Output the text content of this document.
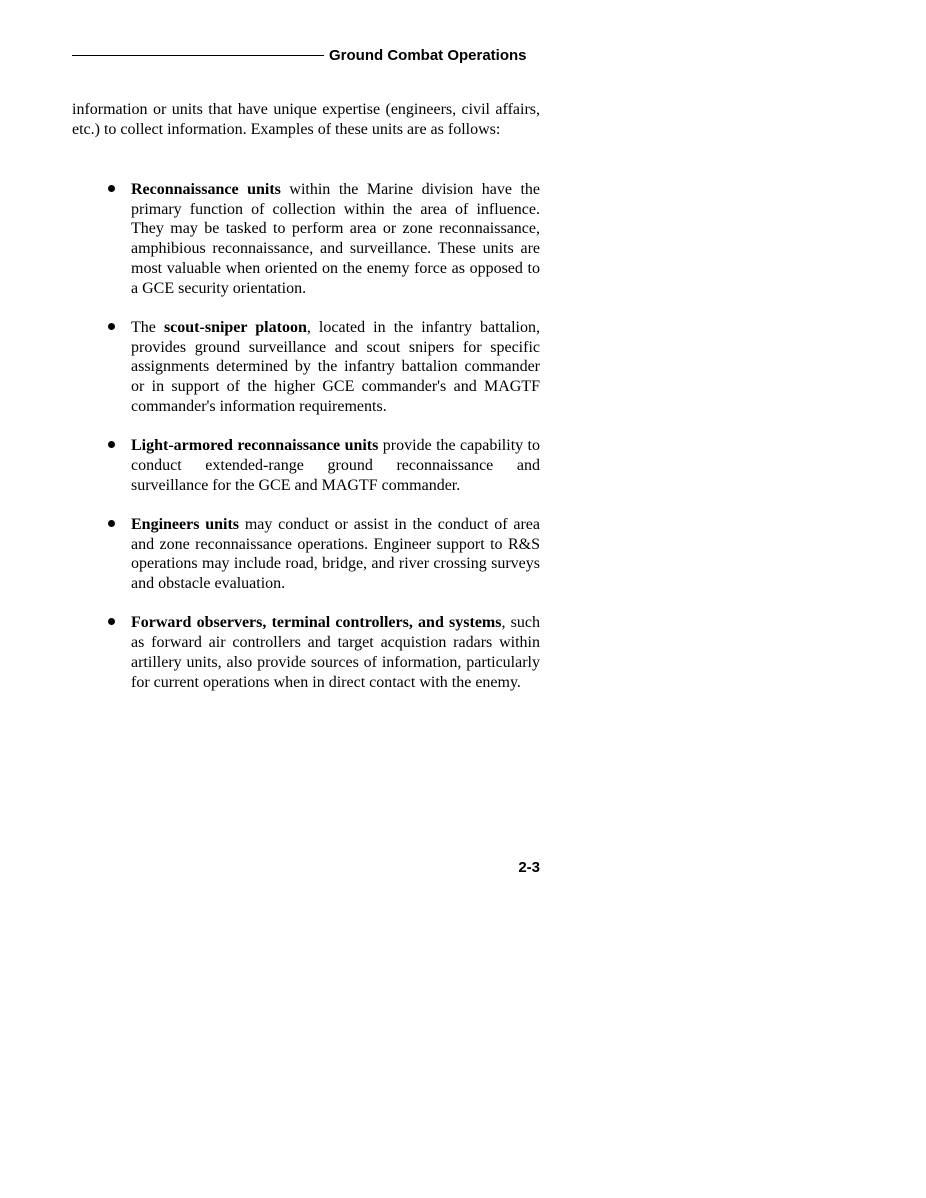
Ground Combat Operations

information or units that have unique expertise (engineers, civil affairs, etc.) to collect information. Examples of these units are as follows:

Reconnaissance units within the Marine division have the primary function of collection within the area of influence. They may be tasked to perform area or zone reconnaissance, amphibious reconnaissance, and surveillance. These units are most valuable when oriented on the enemy force as opposed to a GCE security orientation.
The scout-sniper platoon, located in the infantry battalion, provides ground surveillance and scout snipers for specific assignments determined by the infantry battalion commander or in support of the higher GCE commander's and MAGTF commander's information requirements.
Light-armored reconnaissance units provide the capability to conduct extended-range ground reconnaissance and surveillance for the GCE and MAGTF commander.
Engineers units may conduct or assist in the conduct of area and zone reconnaissance operations. Engineer support to R&S operations may include road, bridge, and river crossing surveys and obstacle evaluation.
Forward observers, terminal controllers, and systems, such as forward air controllers and target acquistion radars within artillery units, also provide sources of information, particularly for current operations when in direct contact with the enemy.
2-3
